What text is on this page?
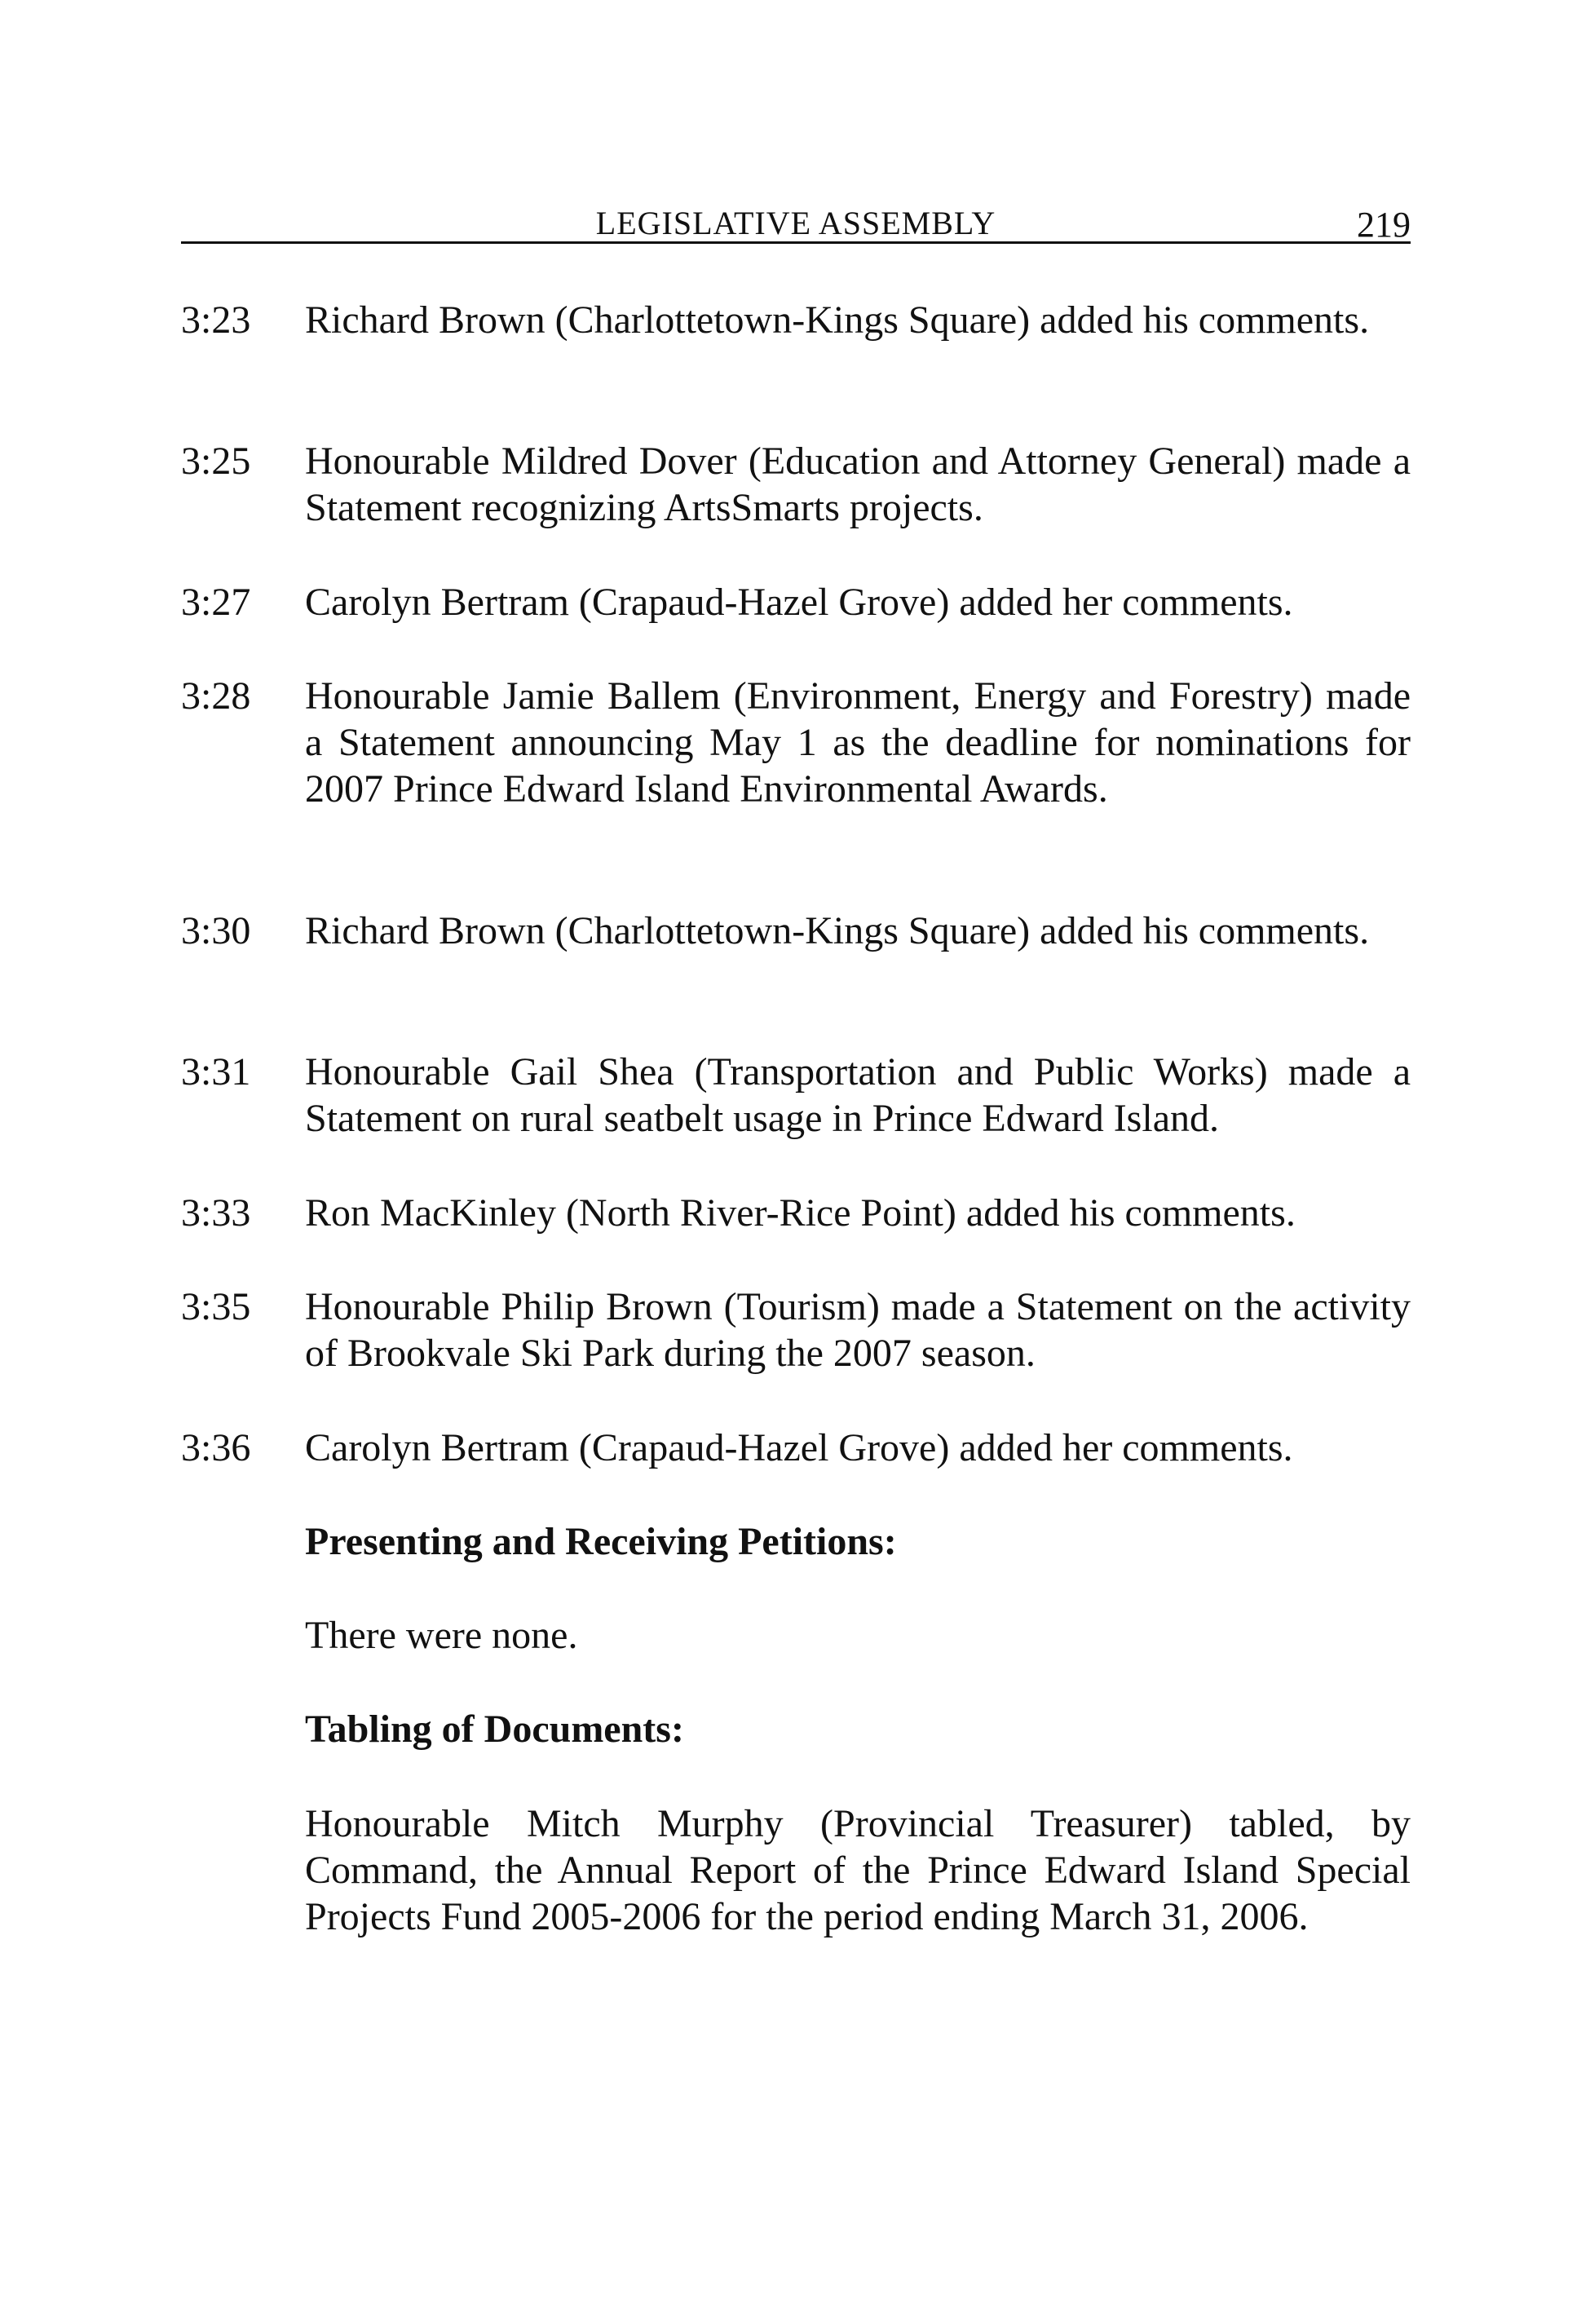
LEGISLATIVE ASSEMBLY	219
3:23	Richard Brown (Charlottetown-Kings Square) added his comments.
3:25	Honourable Mildred Dover (Education and Attorney General) made a Statement recognizing ArtsSmarts projects.
3:27	Carolyn Bertram (Crapaud-Hazel Grove) added her comments.
3:28	Honourable Jamie Ballem (Environment, Energy and Forestry) made a Statement announcing May 1 as the deadline for nominations for 2007 Prince Edward Island Environmental Awards.
3:30	Richard Brown (Charlottetown-Kings Square) added his comments.
3:31	Honourable Gail Shea (Transportation and Public Works) made a Statement on rural seatbelt usage in Prince Edward Island.
3:33	Ron MacKinley (North River-Rice Point) added his comments.
3:35	Honourable Philip Brown (Tourism) made a Statement on the activity of Brookvale Ski Park during the 2007 season.
3:36	Carolyn Bertram (Crapaud-Hazel Grove) added her comments.
Presenting and Receiving Petitions:
There were none.
Tabling of Documents:
Honourable Mitch Murphy (Provincial Treasurer) tabled, by Command, the Annual Report of the Prince Edward Island Special Projects Fund 2005-2006 for the period ending March 31, 2006.
